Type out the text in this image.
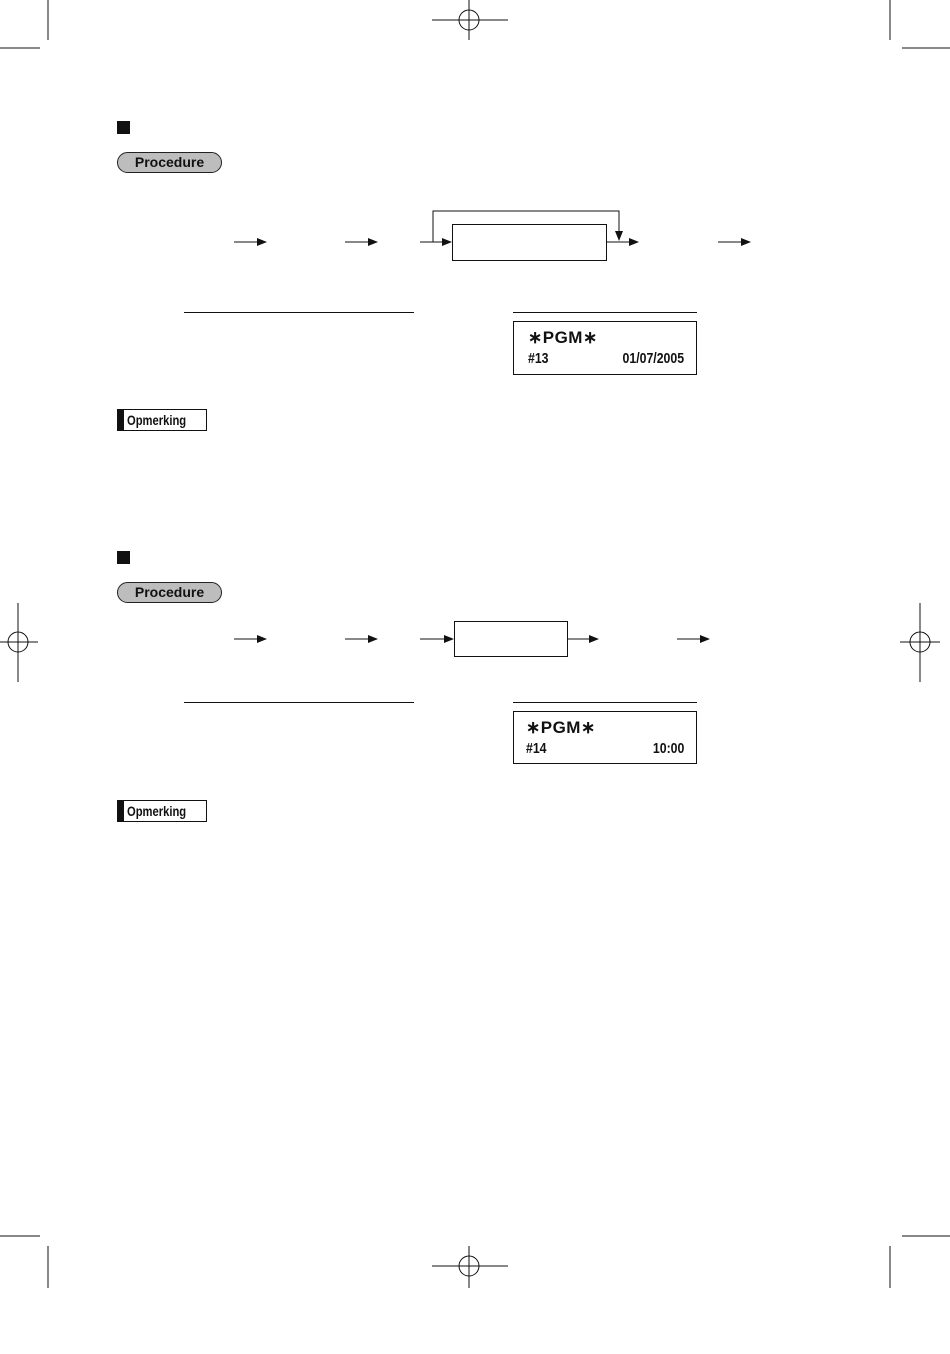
Procedure
∗PGM∗
#13	01/07/2005
Opmerking
Procedure
∗PGM∗
#14	10:00
Opmerking
